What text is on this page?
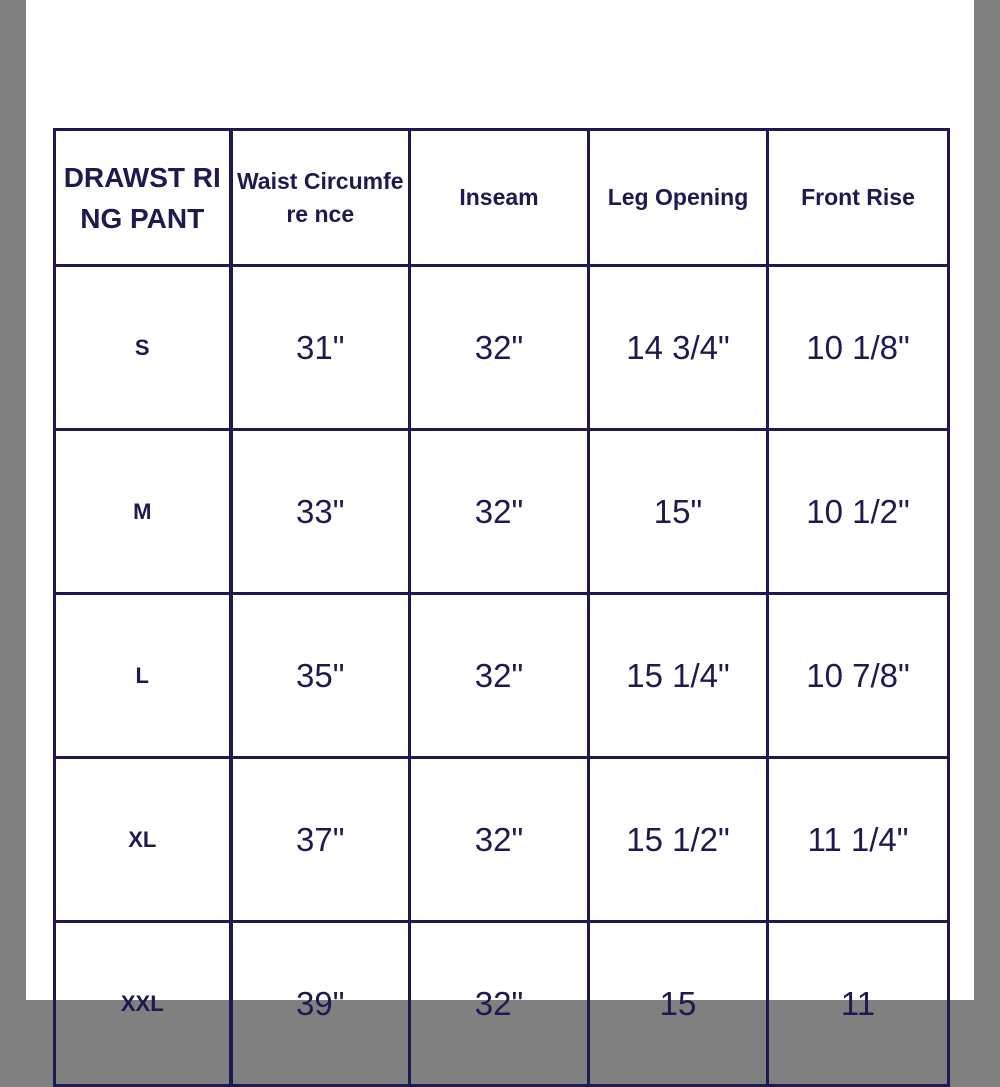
DRAWST RING PANT	Waist Circumfere nce	Inseam	Leg Opening	Front Rise
S	31"	32"	14 3/4"	10 1/8"
M	33"	32"	15"	10 1/2"
L	35"	32"	15 1/4"	10 7/8"
XL	37"	32"	15 1/2"	11 1/4"
XXL	39"	32"	15	11
